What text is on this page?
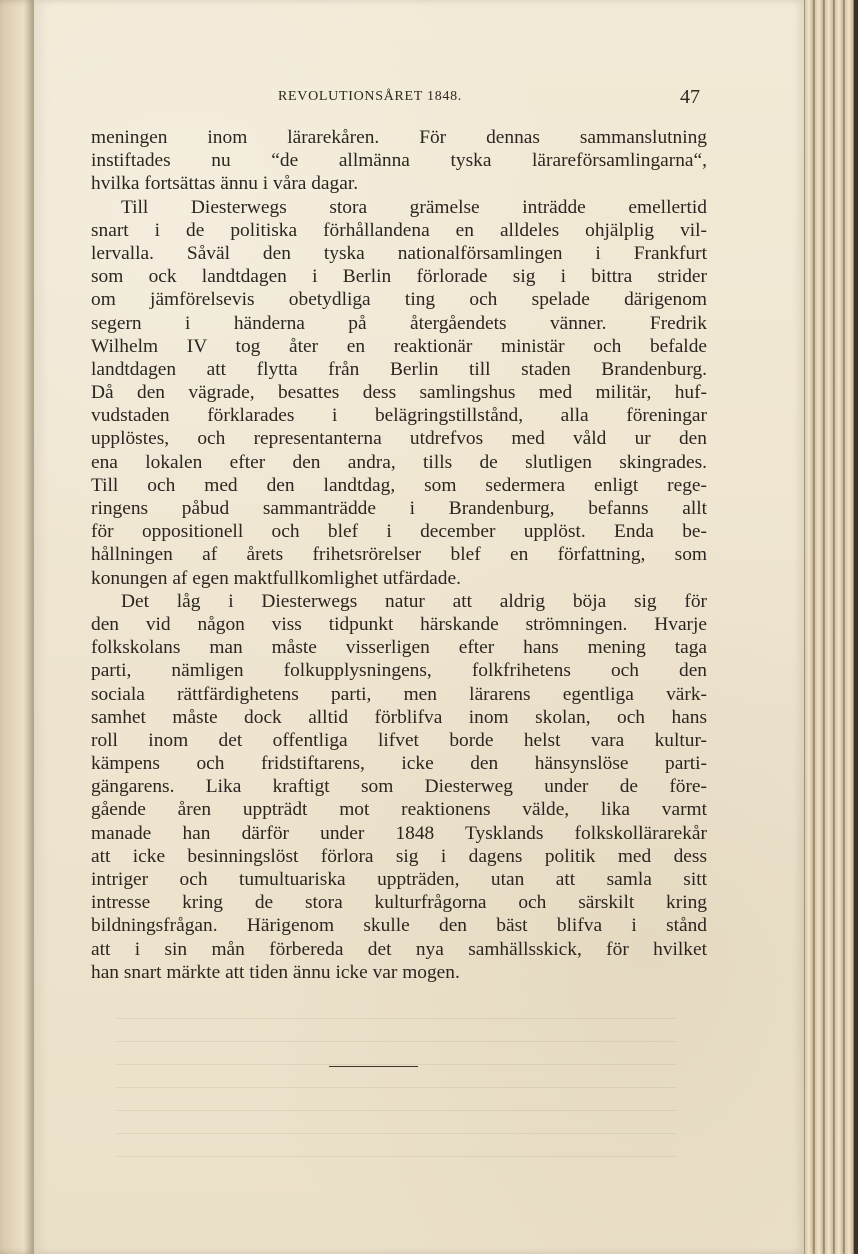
REVOLUTIONSÅRET 1848.	47
meningen inom lärarekåren. För dennas sammanslutning
instiftades nu “de allmänna tyska lärareförsamlingarna“,
hvilka fortsättas ännu i våra dagar.
Till Diesterwegs stora grämelse inträdde emellertid
snart i de politiska förhållandena en alldeles ohjälplig vil-
lervalla. Såväl den tyska nationalförsamlingen i Frankfurt
som ock landtdagen i Berlin förlorade sig i bittra strider
om jämförelsevis obetydliga ting och spelade därigenom
segern i händerna på återgåendets vänner. Fredrik
Wilhelm IV tog åter en reaktionär ministär och befalde
landtdagen att flytta från Berlin till staden Brandenburg.
Då den vägrade, besattes dess samlingshus med militär, huf-
vudstaden förklarades i belägringstillstånd, alla föreningar
upplöstes, och representanterna utdrefvos med våld ur den
ena lokalen efter den andra, tills de slutligen skingrades.
Till och med den landtdag, som sedermera enligt rege-
ringens påbud sammanträdde i Brandenburg, befanns allt
för oppositionell och blef i december upplöst. Enda be-
hållningen af årets frihetsrörelser blef en författning, som
konungen af egen maktfullkomlighet utfärdade.
Det låg i Diesterwegs natur att aldrig böja sig för
den vid någon viss tidpunkt härskande strömningen. Hvarje
folkskolans man måste visserligen efter hans mening taga
parti, nämligen folkupplysningens, folkfrihetens och den
sociala rättfärdighetens parti, men lärarens egentliga värk-
samhet måste dock alltid förblifva inom skolan, och hans
roll inom det offentliga lifvet borde helst vara kultur-
kämpens och fridstiftarens, icke den hänsynslöse parti-
gängarens. Lika kraftigt som Diesterweg under de före-
gående åren uppträdt mot reaktionens välde, lika varmt
manade han därför under 1848 Tysklands folkskollärarekår
att icke besinningslöst förlora sig i dagens politik med dess
intriger och tumultuariska uppträden, utan att samla sitt
intresse kring de stora kulturfrågorna och särskilt kring
bildningsfrågan. Härigenom skulle den bäst blifva i stånd
att i sin mån förbereda det nya samhällsskick, för hvilket
han snart märkte att tiden ännu icke var mogen.
